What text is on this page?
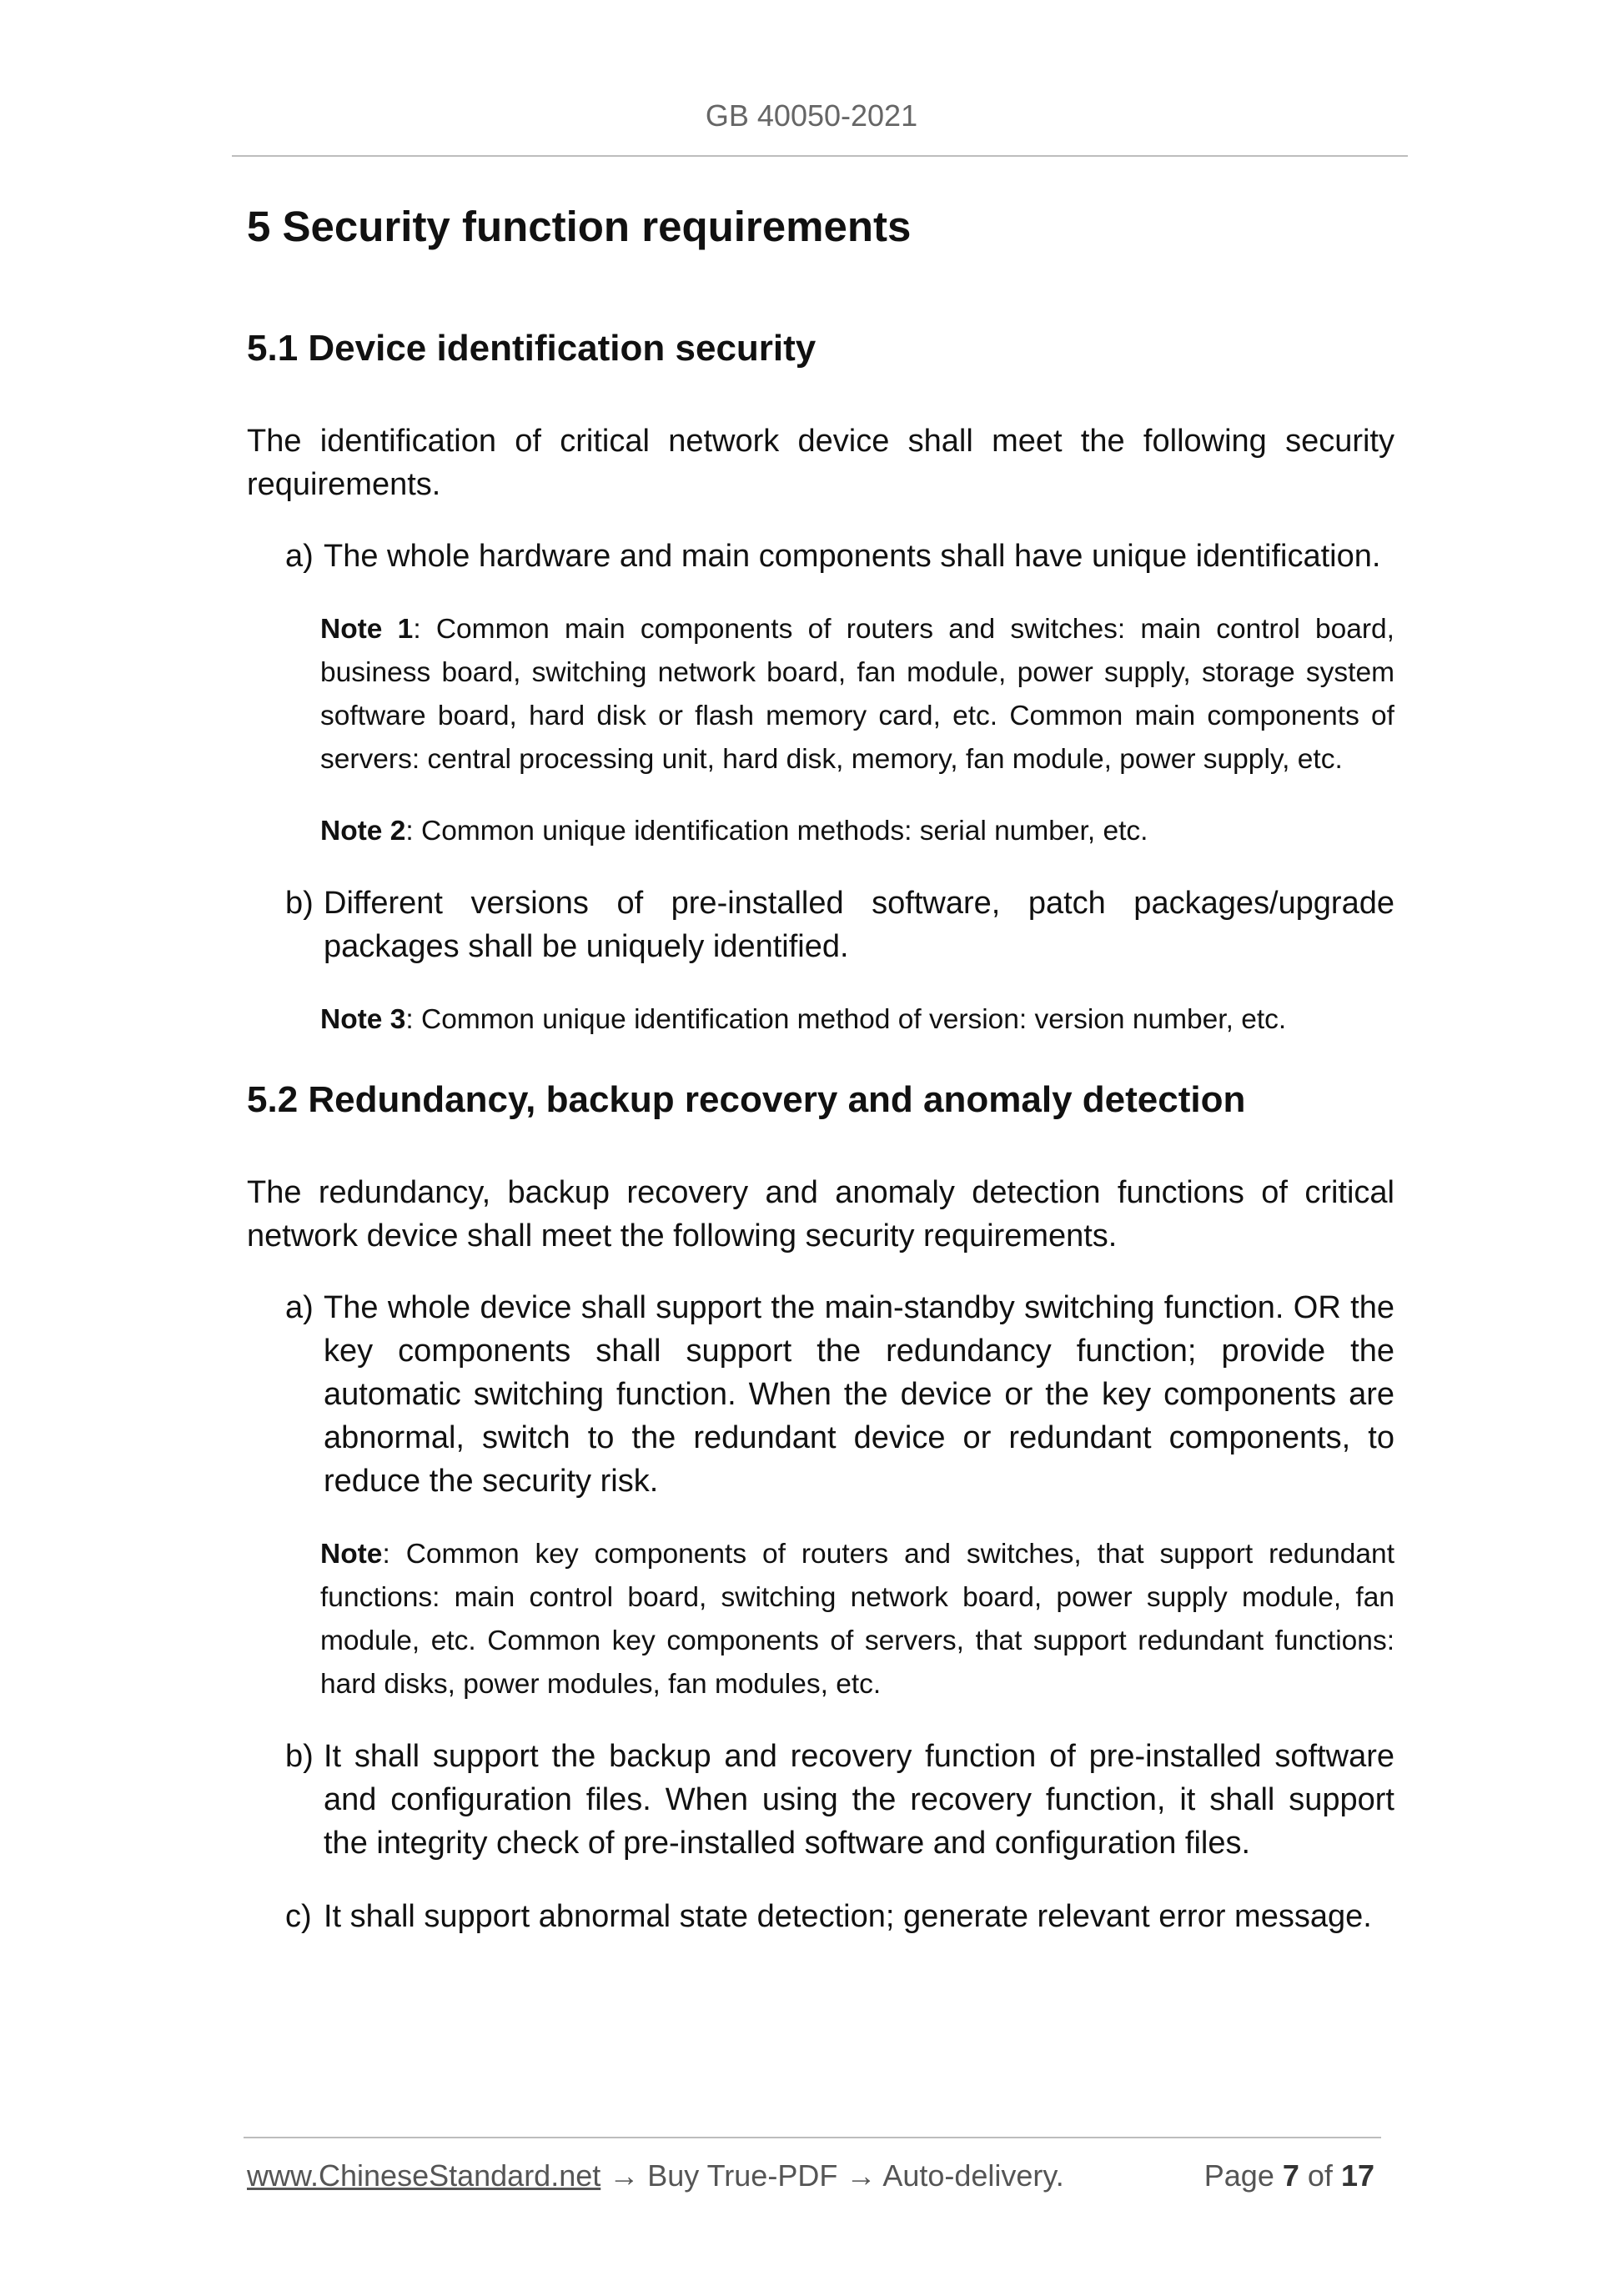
GB 40050-2021
5 Security function requirements
5.1 Device identification security

The identification of critical network device shall meet the following security requirements.

a) The whole hardware and main components shall have unique identification.
Note 1: Common main components of routers and switches: main control board, business board, switching network board, fan module, power supply, storage system software board, hard disk or flash memory card, etc. Common main components of servers: central processing unit, hard disk, memory, fan module, power supply, etc.
Note 2: Common unique identification methods: serial number, etc.
b) Different versions of pre-installed software, patch packages/upgrade packages shall be uniquely identified.
Note 3: Common unique identification method of version: version number, etc.
5.2 Redundancy, backup recovery and anomaly detection

The redundancy, backup recovery and anomaly detection functions of critical network device shall meet the following security requirements.

a) The whole device shall support the main-standby switching function. OR the key components shall support the redundancy function; provide the automatic switching function. When the device or the key components are abnormal, switch to the redundant device or redundant components, to reduce the security risk.
Note: Common key components of routers and switches, that support redundant functions: main control board, switching network board, power supply module, fan module, etc. Common key components of servers, that support redundant functions: hard disks, power modules, fan modules, etc.
b) It shall support the backup and recovery function of pre-installed software and configuration files. When using the recovery function, it shall support the integrity check of pre-installed software and configuration files.
c) It shall support abnormal state detection; generate relevant error message.
www.ChineseStandard.net → Buy True-PDF → Auto-delivery.	Page 7 of 17
